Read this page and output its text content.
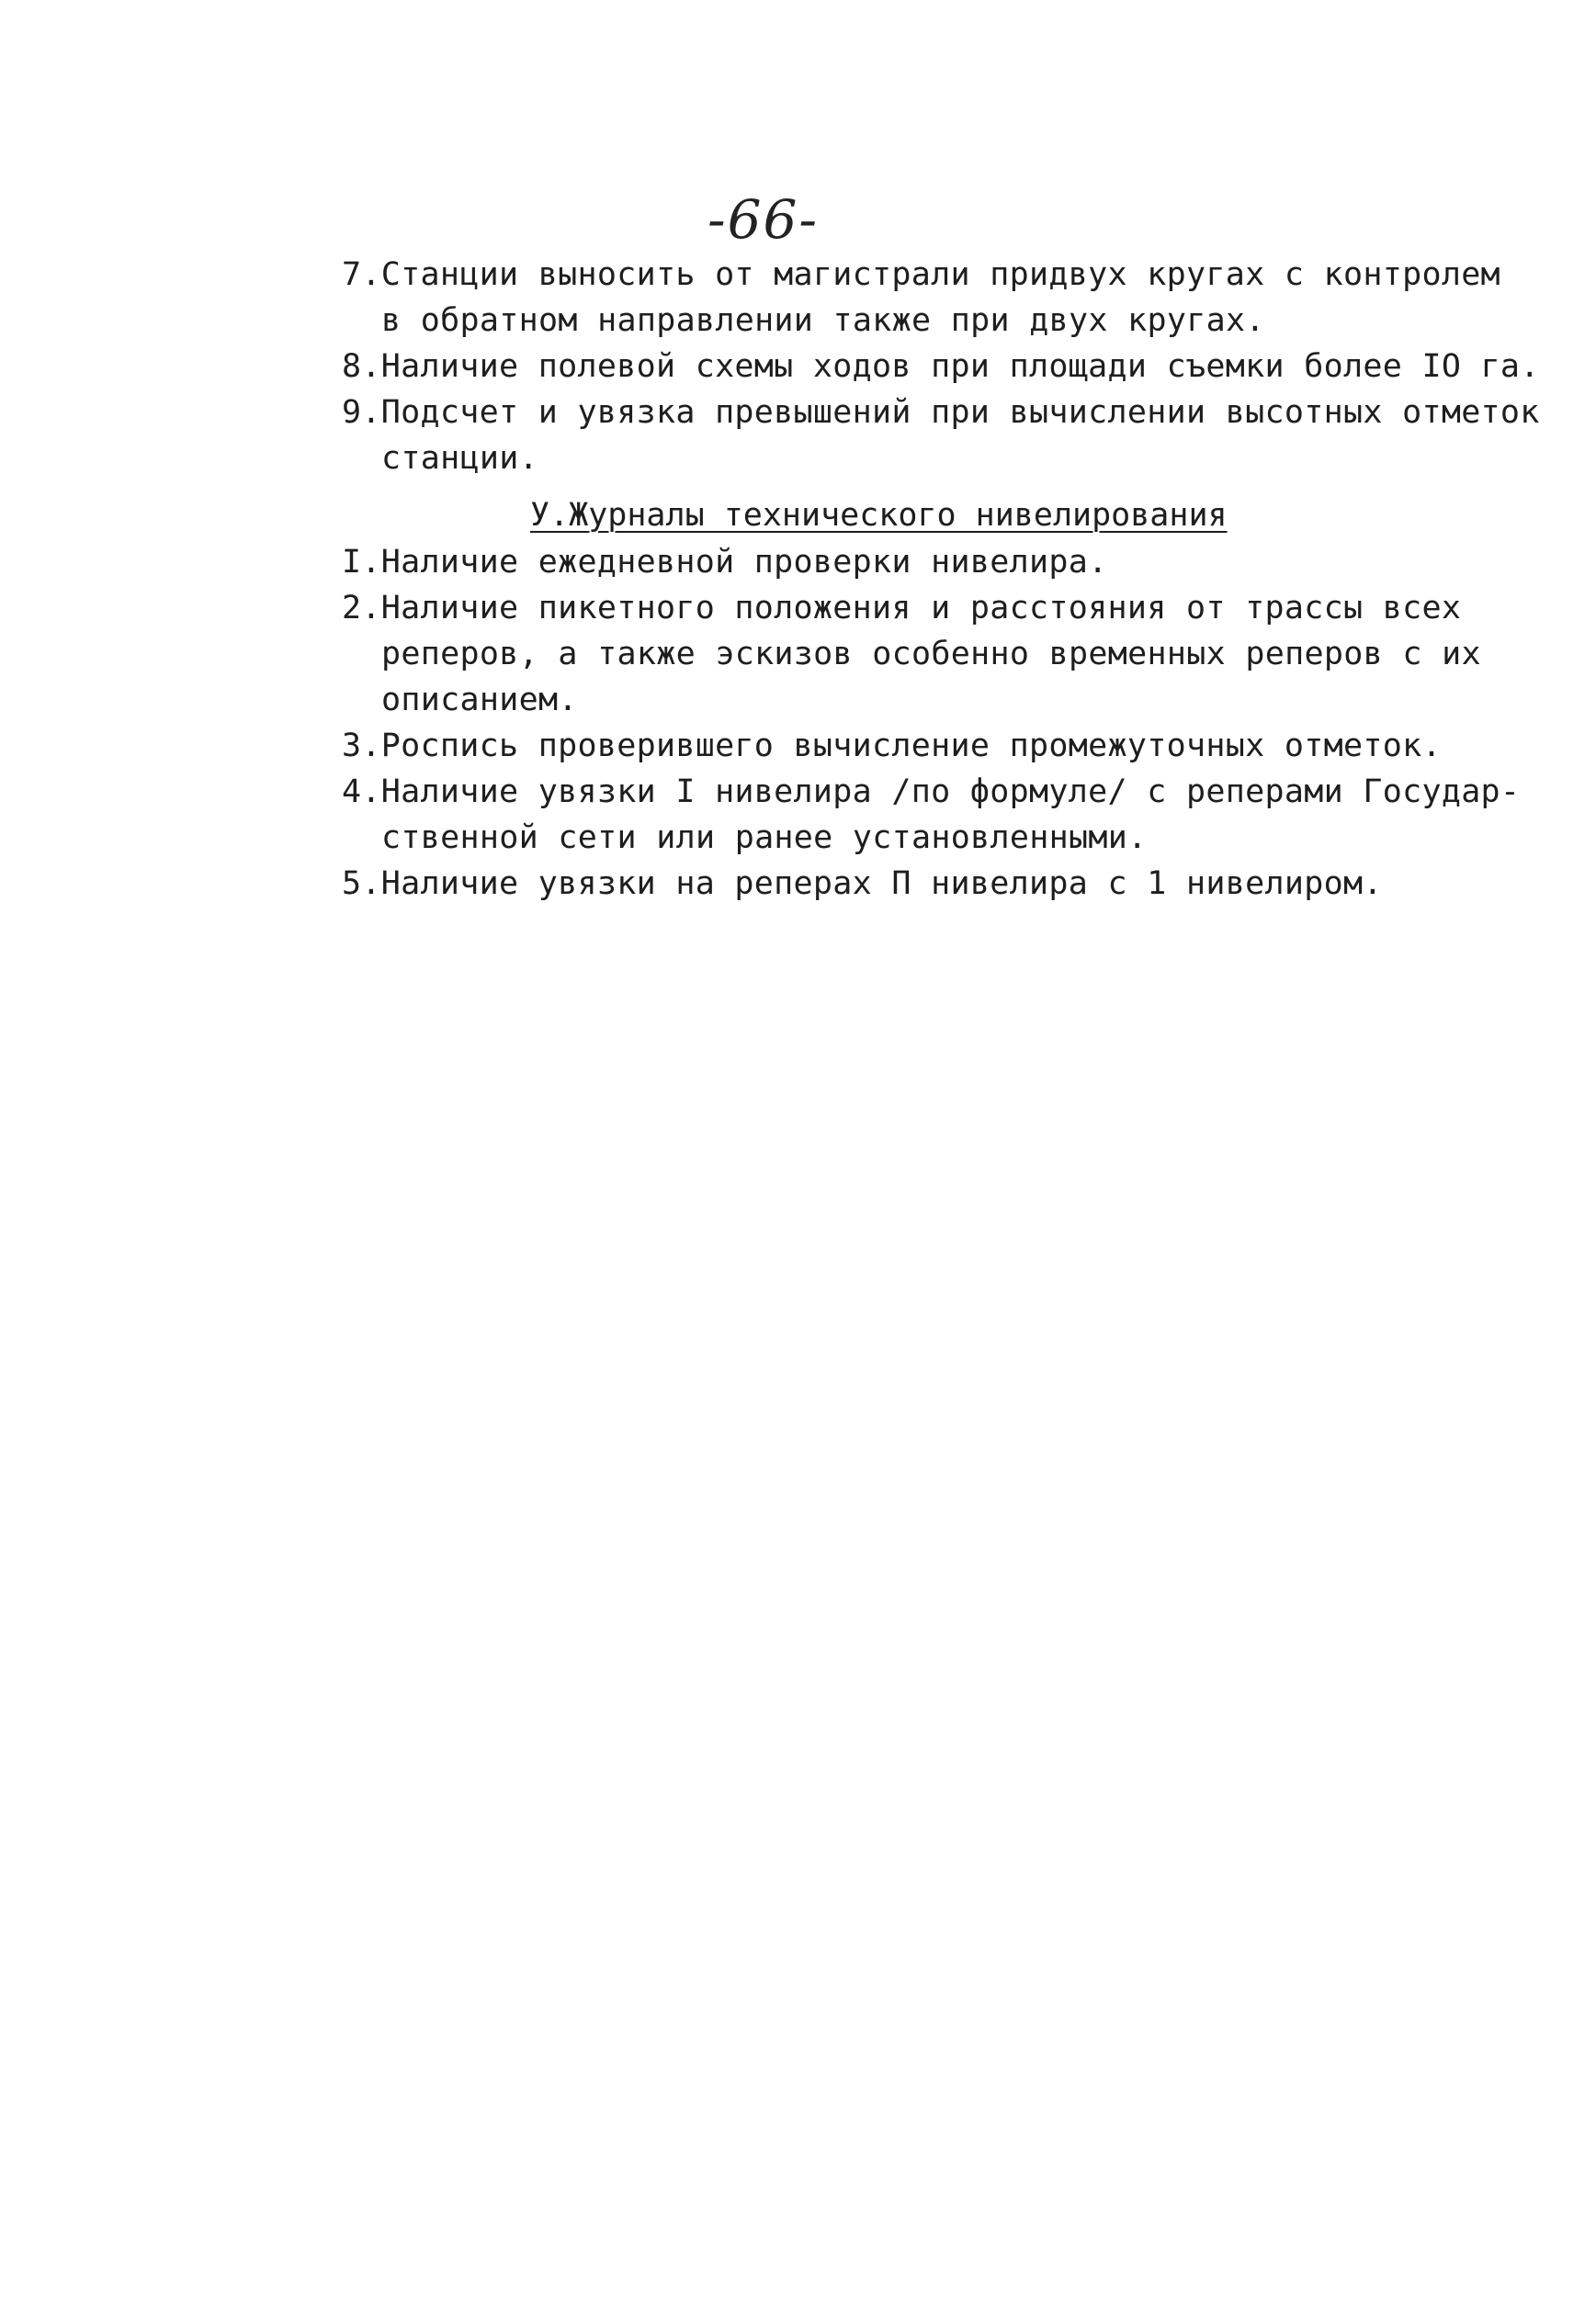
-66-
7.Станции выносить от магистрали придвух кругах с контролем
в обратном направлении также при двух кругах.
8.Наличие полевой схемы ходов при площади съемки более IО га.
9.Подсчет и увязка превышений при вычислении высотных отметок
станции.
У.Журналы технического нивелирования
I.Наличие ежедневной проверки нивелира.
2.Наличие пикетного положения и расстояния от трассы всех
реперов, а также эскизов особенно временных реперов с их
описанием.
3.Роспись проверившего вычисление промежуточных отметок.
4.Наличие увязки I нивелира /по формуле/ с реперами Государ-
ственной сети или ранее установленными.
5.Наличие увязки на реперах П нивелира с 1 нивелиром.
